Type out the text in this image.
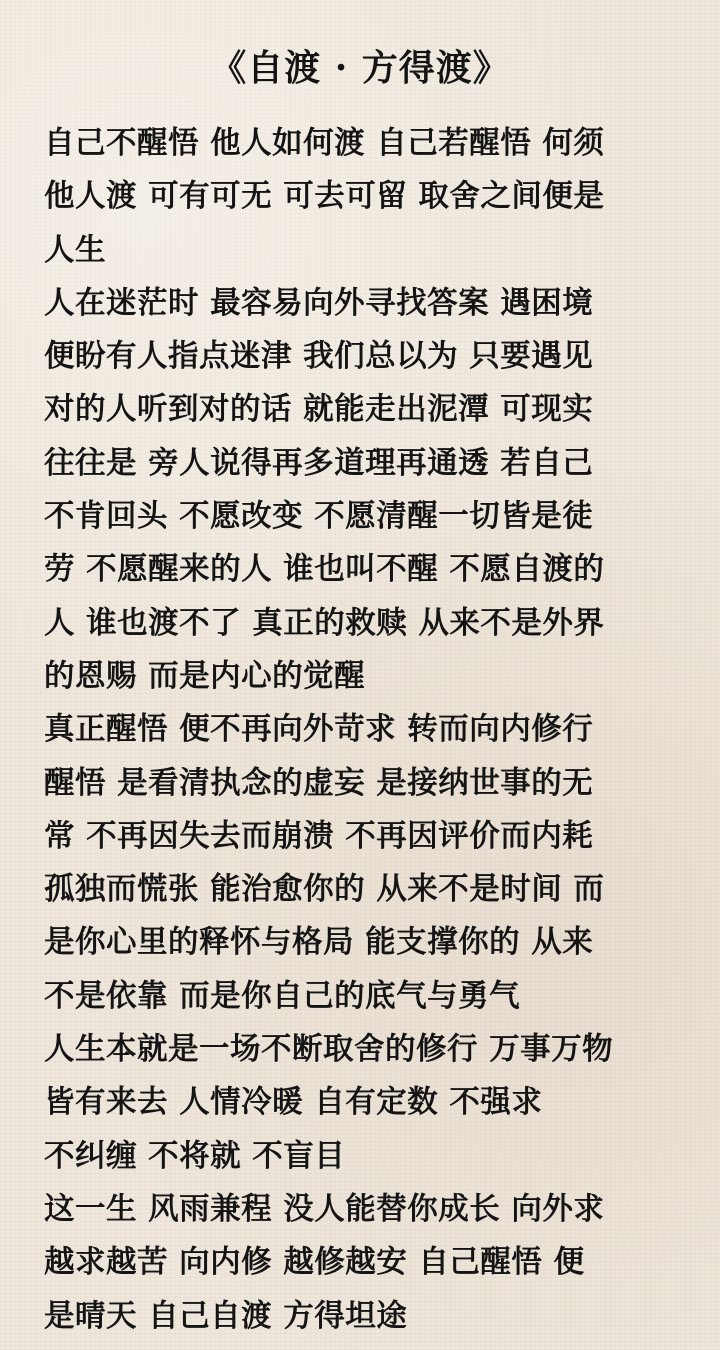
《自渡 · 方得渡》
自己不醒悟 他人如何渡 自己若醒悟 何须
他人渡 可有可无 可去可留 取舍之间便是
人生
人在迷茫时 最容易向外寻找答案 遇困境
便盼有人指点迷津 我们总以为 只要遇见
对的人听到对的话 就能走出泥潭 可现实
往往是 旁人说得再多道理再通透 若自己
不肯回头 不愿改变 不愿清醒一切皆是徒
劳 不愿醒来的人 谁也叫不醒 不愿自渡的
人 谁也渡不了 真正的救赎 从来不是外界
的恩赐 而是内心的觉醒
真正醒悟 便不再向外苛求 转而向内修行
醒悟 是看清执念的虚妄 是接纳世事的无
常 不再因失去而崩溃 不再因评价而内耗
孤独而慌张 能治愈你的 从来不是时间 而
是你心里的释怀与格局 能支撑你的 从来
不是依靠 而是你自己的底气与勇气
人生本就是一场不断取舍的修行 万事万物
皆有来去 人情冷暖 自有定数 不强求
不纠缠 不将就 不盲目
这一生 风雨兼程 没人能替你成长 向外求
越求越苦 向内修 越修越安 自己醒悟 便
是晴天 自己自渡 方得坦途
